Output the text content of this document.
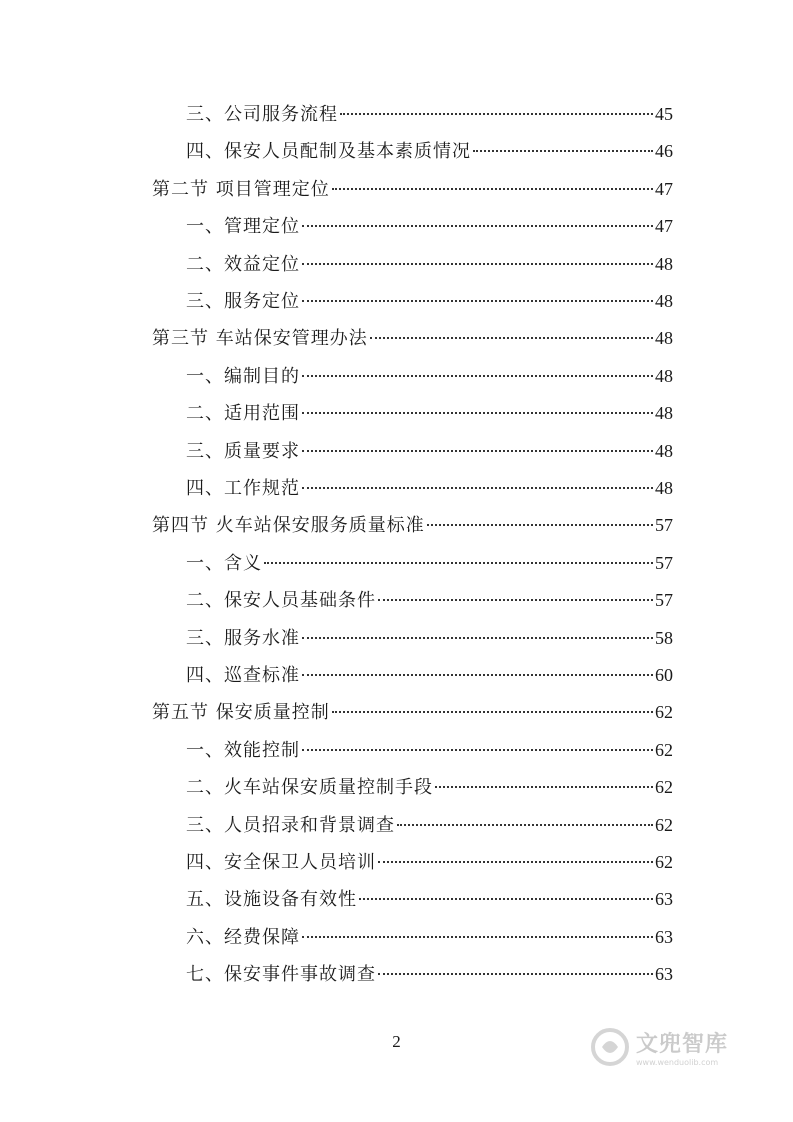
三、公司服务流程	45
四、保安人员配制及基本素质情况	46
第二节 项目管理定位	47
一、管理定位	47
二、效益定位	48
三、服务定位	48
第三节 车站保安管理办法	48
一、编制目的	48
二、适用范围	48
三、质量要求	48
四、工作规范	48
第四节 火车站保安服务质量标准	57
一、含义	57
二、保安人员基础条件	57
三、服务水准	58
四、巡查标准	60
第五节 保安质量控制	62
一、效能控制	62
二、火车站保安质量控制手段	62
三、人员招录和背景调查	62
四、安全保卫人员培训	62
五、设施设备有效性	63
六、经费保障	63
七、保安事件事故调查	63
2	文兜智库
www.wenduolib.com
